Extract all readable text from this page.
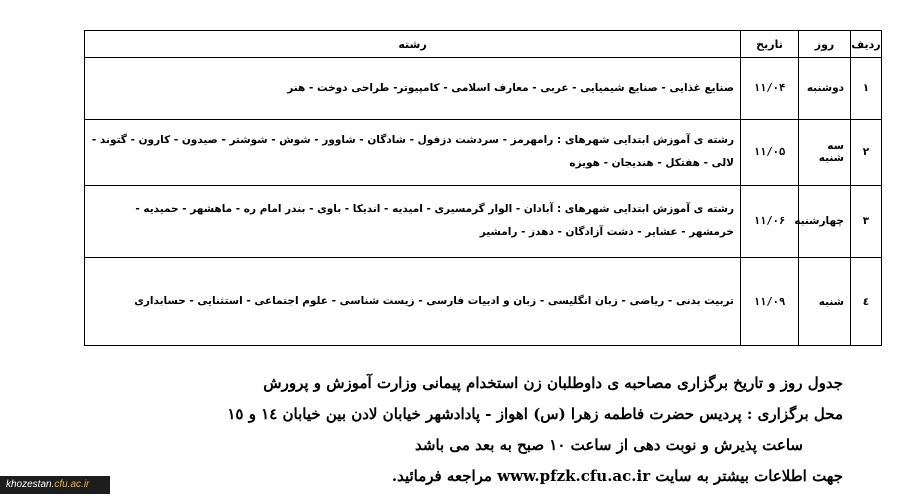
ردیف	روز	تاریخ	رشته
۱	دوشنبه	۱۱/۰۴	صنایع غذایی - صنایع شیمیایی - عربی - معارف اسلامی - کامپیوتر- طراحی دوخت - هنر
۲	سه شنبه	۱۱/۰۵	رشته ی آموزش ابتدایی شهرهای : رامهرمز - سردشت دزفول - شادگان - شاوور - شوش - شوشتر - صیدون - کارون - گتوند - لالی - هفتکل - هندیجان - هویزه
۳	چهارشنبه	۱۱/۰۶	رشته ی آموزش ابتدایی شهرهای : آبادان - الوار گرمسیری - امیدیه - اندیکا - باوی - بندر امام ره - ماهشهر - حمیدیه - خرمشهر - عشایر - دشت آزادگان - دهدز - رامشیر
٤	شنبه	۱۱/۰۹	تربیت بدنی - ریاضی - زبان انگلیسی - زبان و ادبیات فارسی - زیست شناسی - علوم اجتماعی - استثنایی - حسابداری
جدول روز و تاریخ برگزاری مصاحبه ی داوطلبان زن استخدام پیمانی وزارت آموزش و پرورش
محل برگزاری : پردیس حضرت فاطمه زهرا (س) اهواز - پادادشهر خیابان لادن بین خیابان ١٤ و ١٥
ساعت پذیرش و نوبت دهی از ساعت ۱۰ صبح به بعد می باشد
جهت اطلاعات بیشتر به سایت www.pfzk.cfu.ac.ir مراجعه فرمائید.
khozestan.cfu.ac.ir
